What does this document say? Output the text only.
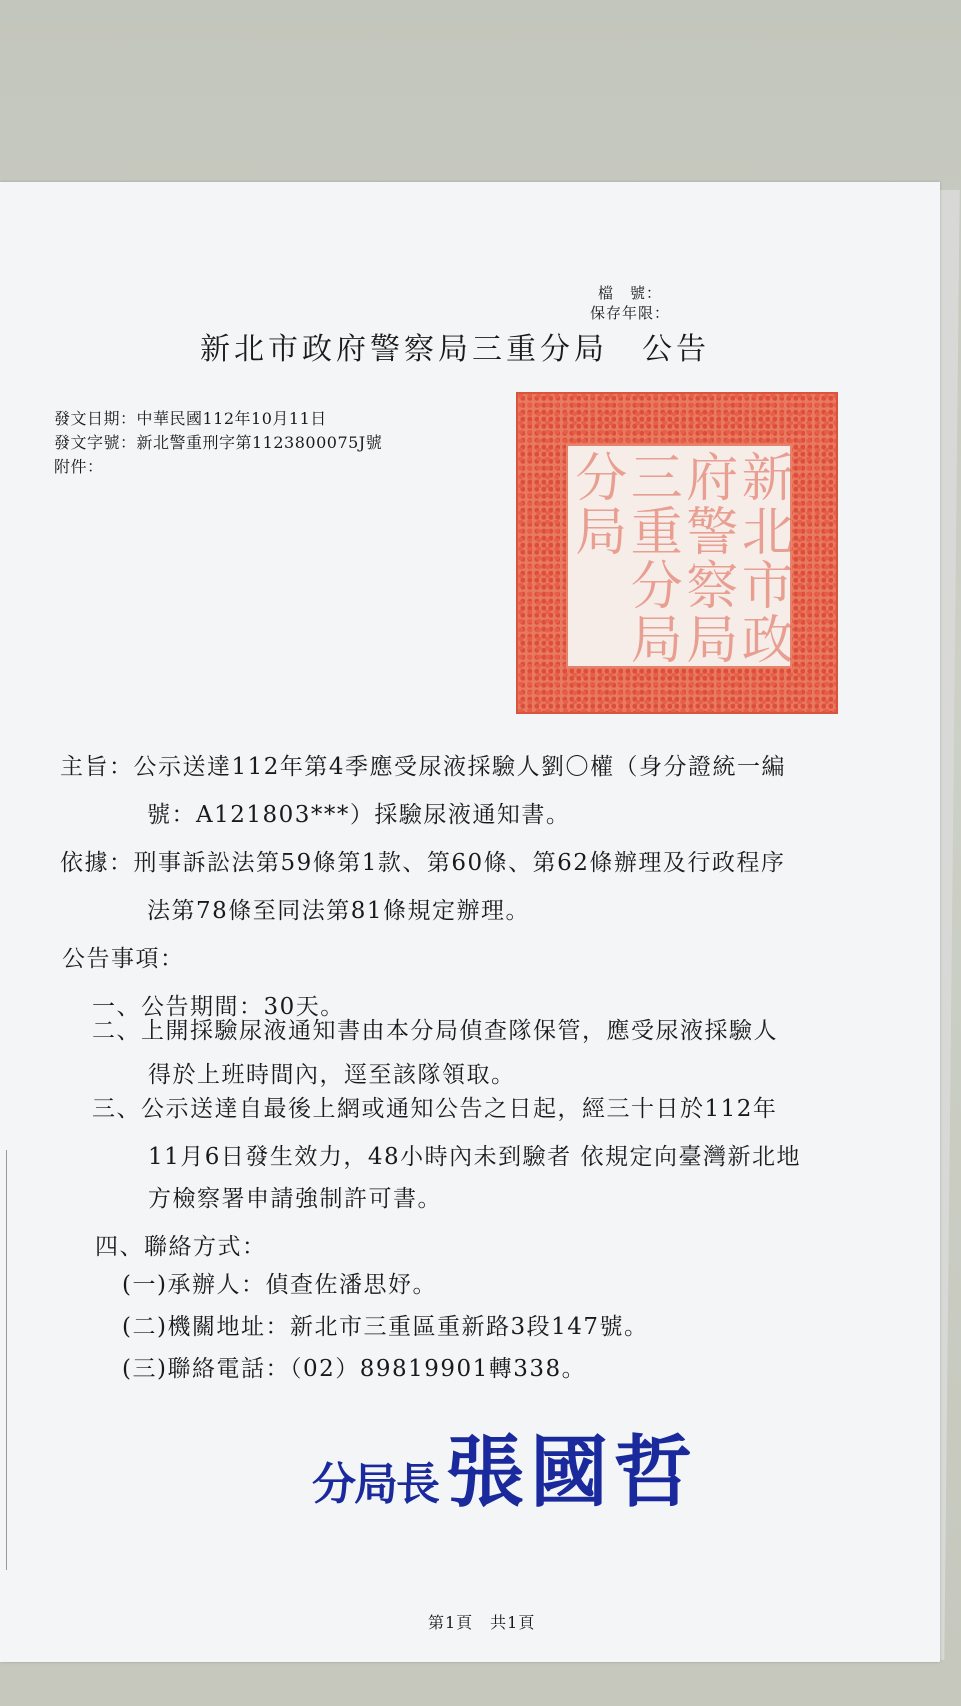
檔　號：
保存年限：
新北市政府警察局三重分局　公告
發文日期：中華民國112年10月11日
發文字號：新北警重刑字第1123800075J號
附件：	新北市政
府警察局
三重分局
分局
主旨：公示送達112年第4季應受尿液採驗人劉〇權（身分證統一編
號：A121803***）採驗尿液通知書。
依據：刑事訴訟法第59條第1款、第60條、第62條辦理及行政程序
法第78條至同法第81條規定辦理。
公告事項：
一、公告期間：30天。
二、上開採驗尿液通知書由本分局偵查隊保管，應受尿液採驗人
得於上班時間內，逕至該隊領取。
三、公示送達自最後上網或通知公告之日起，經三十日於112年
11月6日發生效力，48小時內未到驗者 依規定向臺灣新北地
方檢察署申請強制許可書。
四、聯絡方式：
(一)承辦人：偵查佐潘思妤。
(二)機關地址：新北市三重區重新路3段147號。
(三)聯絡電話：（02）89819901轉338。
分局長 張國哲
第1頁　共1頁
